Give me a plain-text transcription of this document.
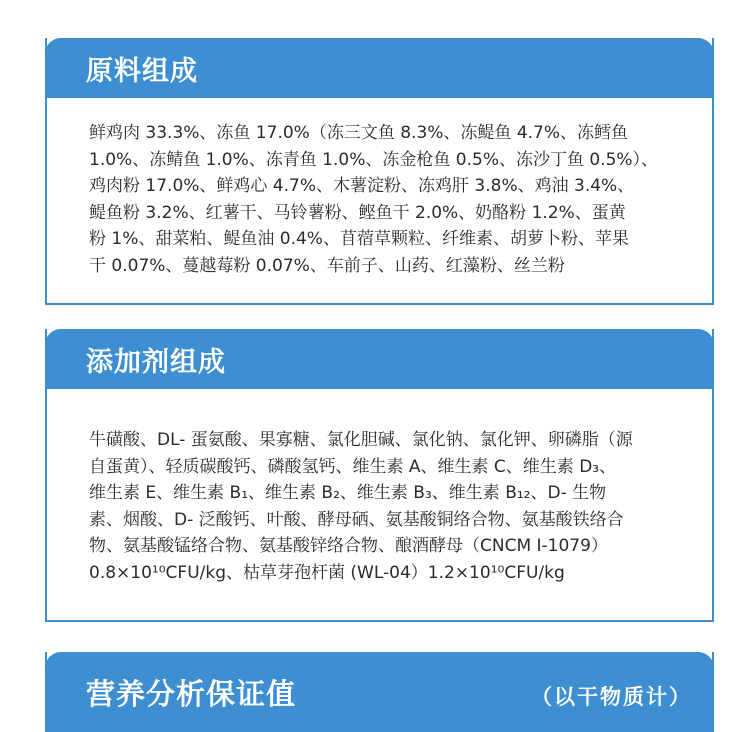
原料组成

鲜鸡肉 33.3%、冻鱼 17.0%（冻三文鱼 8.3%、冻鳀鱼 4.7%、冻鳕鱼

1.0%、冻鲭鱼 1.0%、冻青鱼 1.0%、冻金枪鱼 0.5%、冻沙丁鱼 0.5%）、

鸡肉粉 17.0%、鲜鸡心 4.7%、木薯淀粉、冻鸡肝 3.8%、鸡油 3.4%、

鳀鱼粉 3.2%、红薯干、马铃薯粉、鲣鱼干 2.0%、奶酪粉 1.2%、蛋黄

粉 1%、甜菜粕、鳀鱼油 0.4%、苜蓿草颗粒、纤维素、胡萝卜粉、苹果

干 0.07%、蔓越莓粉 0.07%、车前子、山药、红藻粉、丝兰粉

添加剂组成

牛磺酸、DL- 蛋氨酸、果寡糖、氯化胆碱、氯化钠、氯化钾、卵磷脂（源

自蛋黄）、轻质碳酸钙、磷酸氢钙、维生素 A、维生素 C、维生素 D₃、

维生素 E、维生素 B₁、维生素 B₂、维生素 B₃、维生素 B₁₂、D- 生物

素、烟酸、D- 泛酸钙、叶酸、酵母硒、氨基酸铜络合物、氨基酸铁络合

物、氨基酸锰络合物、氨基酸锌络合物、酿酒酵母（CNCM I-1079）

0.8×10¹⁰CFU/kg、枯草芽孢杆菌 (WL-04）1.2×10¹⁰CFU/kg

营养分析保证值	（以干物质计）
